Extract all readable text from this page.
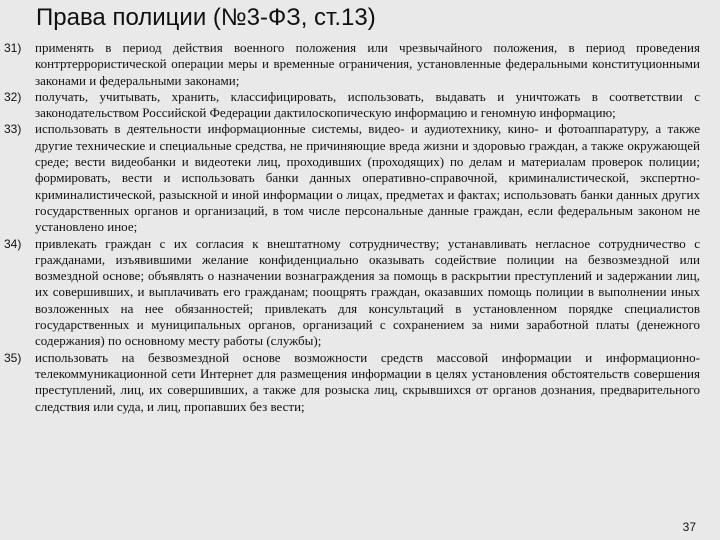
Права полиции (№3-ФЗ, ст.13)
31)	применять в период действия военного положения или чрезвычайного положения, в период проведения контртеррористической операции меры и временные ограничения, установленные федеральными конституционными законами и федеральными законами;
32)	получать, учитывать, хранить, классифицировать, использовать, выдавать и уничтожать в соответствии с законодательством Российской Федерации дактилоскопическую информацию и геномную информацию;
33)	использовать в деятельности информационные системы, видео- и аудиотехнику, кино- и фотоаппаратуру, а также другие технические и специальные средства, не причиняющие вреда жизни и здоровью граждан, а также окружающей среде; вести видеобанки и видеотеки лиц, проходивших (проходящих) по делам и материалам проверок полиции; формировать, вести и использовать банки данных оперативно-справочной, криминалистической, экспертно-криминалистической, разыскной и иной информации о лицах, предметах и фактах; использовать банки данных других государственных органов и организаций, в том числе персональные данные граждан, если федеральным законом не установлено иное;
34)	привлекать граждан с их согласия к внештатному сотрудничеству; устанавливать негласное сотрудничество с гражданами, изъявившими желание конфиденциально оказывать содействие полиции на безвозмездной или возмездной основе; объявлять о назначении вознаграждения за помощь в раскрытии преступлений и задержании лиц, их совершивших, и выплачивать его гражданам; поощрять граждан, оказавших помощь полиции в выполнении иных возложенных на нее обязанностей; привлекать для консультаций в установленном порядке специалистов государственных и муниципальных органов, организаций с сохранением за ними заработной платы (денежного содержания) по основному месту работы (службы);
35)	использовать на безвозмездной основе возможности средств массовой информации и информационно-телекоммуникационной сети Интернет для размещения информации в целях установления обстоятельств совершения преступлений, лиц, их совершивших, а также для розыска лиц, скрывшихся от органов дознания, предварительного следствия или суда, и лиц, пропавших без вести;
37
